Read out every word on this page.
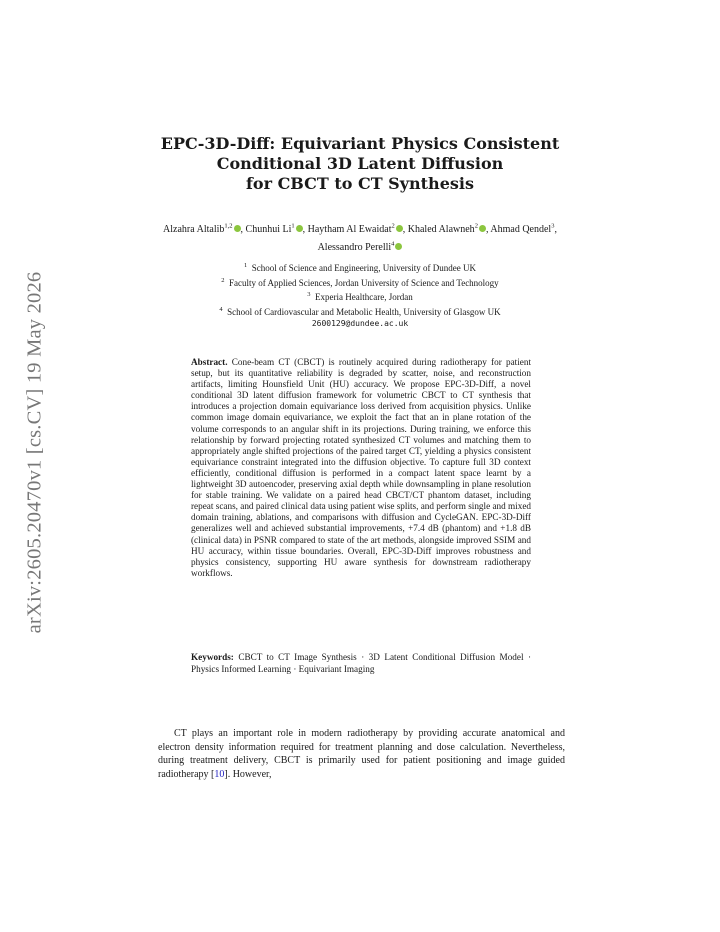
arXiv:2605.20470v1 [cs.CV] 19 May 2026
EPC-3D-Diff: Equivariant Physics Consistent
Conditional 3D Latent Diffusion
for CBCT to CT Synthesis
Alzahra Altalib$^{1,2}$ , Chunhui Li$^1$ , Haytham Al Ewaidat$^2$ , Khaled Alawneh$^2$ , Ahmad Qendel$^3$, Alessandro Perelli$^4$
$^1$ School of Science and Engineering, University of Dundee UK
$^2$ Faculty of Applied Sciences, Jordan University of Science and Technology
$^3$ Experia Healthcare, Jordan
$^4$ School of Cardiovascular and Metabolic Health, University of Glasgow UK
2600129@dundee.ac.uk
Abstract. Cone-beam CT (CBCT) is routinely acquired during radiotherapy for patient setup, but its quantitative reliability is degraded by scatter, noise, and reconstruction artifacts, limiting Hounsfield Unit (HU) accuracy. We propose EPC-3D-Diff, a novel conditional 3D latent diffusion framework for volumetric CBCT to CT synthesis that introduces a projection domain equivariance loss derived from acquisition physics. Unlike common image domain equivariance, we exploit the fact that an in plane rotation of the volume corresponds to an angular shift in its projections. During training, we enforce this relationship by forward projecting rotated synthesized CT volumes and matching them to appropriately angle shifted projections of the paired target CT, yielding a physics consistent equivariance constraint integrated into the diffusion objective. To capture full 3D context efficiently, conditional diffusion is performed in a compact latent space learnt by a lightweight 3D autoencoder, preserving axial depth while downsampling in plane resolution for stable training. We validate on a paired head CBCT/CT phantom dataset, including repeat scans, and paired clinical data using patient wise splits, and perform single and mixed domain training, ablations, and comparisons with diffusion and CycleGAN. EPC-3D-Diff generalizes well and achieved substantial improvements, +7.4 dB (phantom) and +1.8 dB (clinical data) in PSNR compared to state of the art methods, alongside improved SSIM and HU accuracy, within tissue boundaries. Overall, EPC-3D-Diff improves robustness and physics consistency, supporting HU aware synthesis for downstream radiotherapy workflows.
Keywords: CBCT to CT Image Synthesis · 3D Latent Conditional Diffusion Model · Physics Informed Learning · Equivariant Imaging
CT plays an important role in modern radiotherapy by providing accurate anatomical and electron density information required for treatment planning and dose calculation. Nevertheless, during treatment delivery, CBCT is primarily used for patient positioning and image guided radiotherapy [10]. However,
